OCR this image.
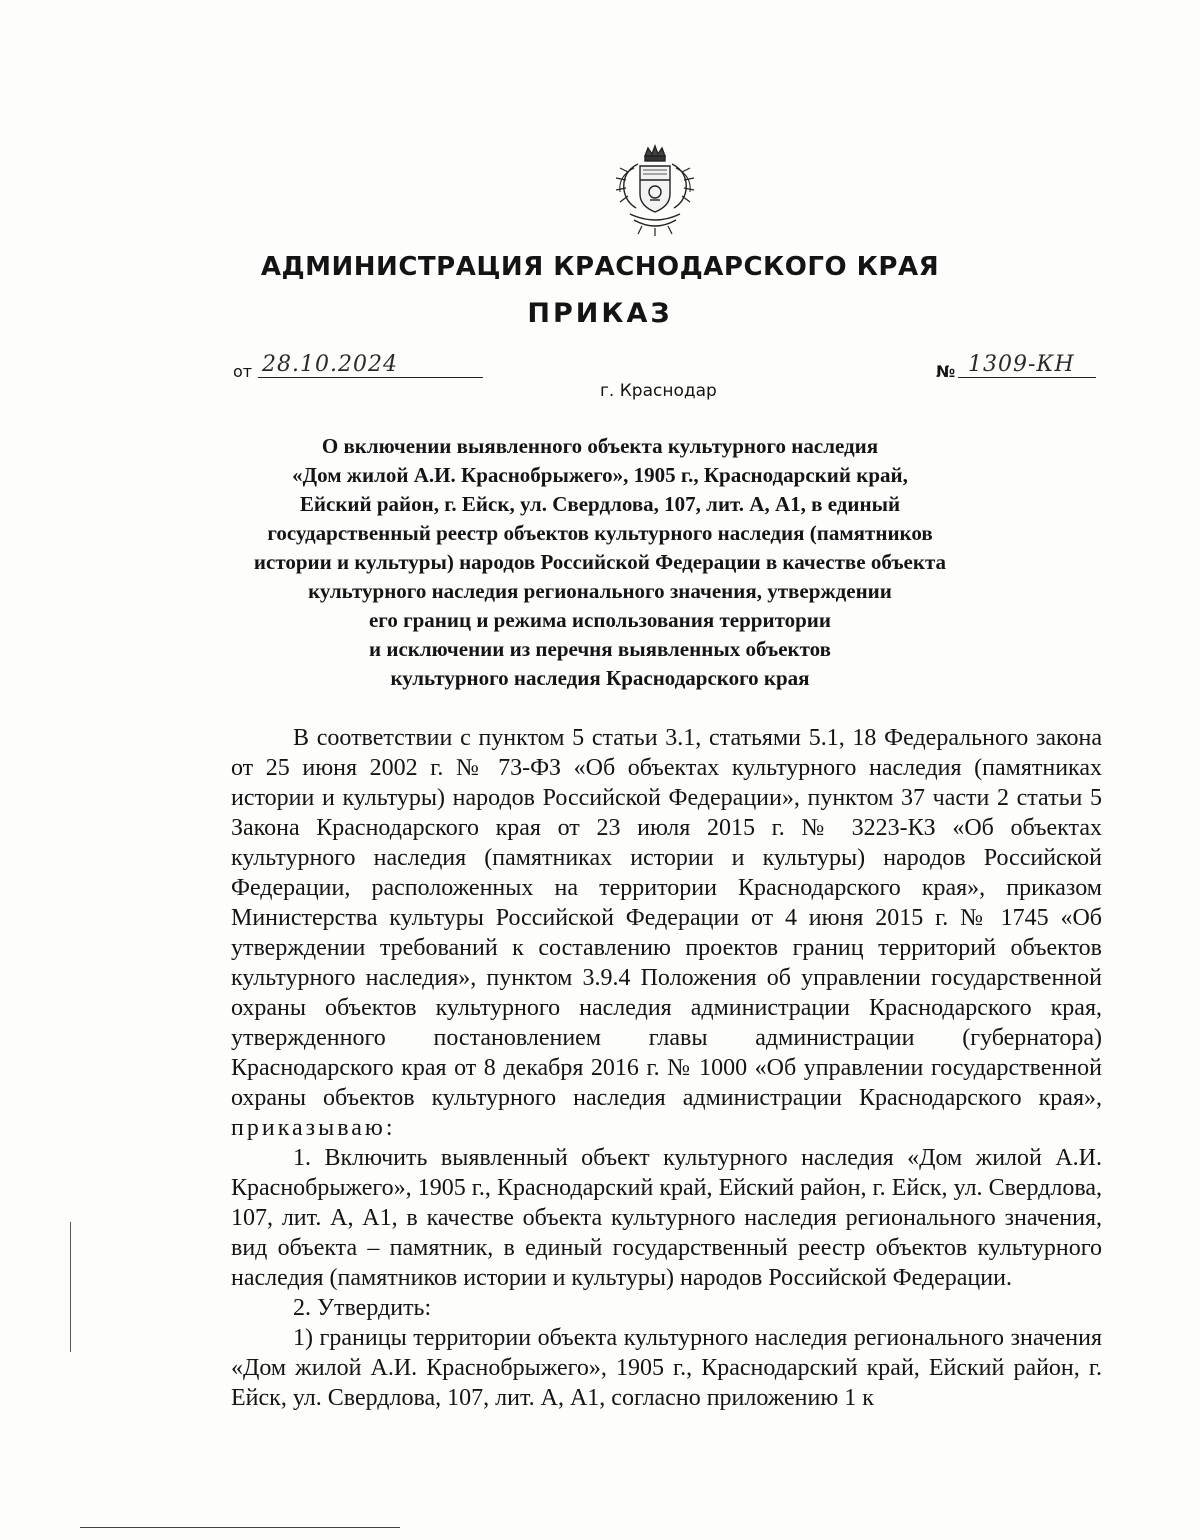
АДМИНИСТРАЦИЯ КРАСНОДАРСКОГО КРАЯ
ПРИКАЗ
от 28.10.2024	№ 1309-КН
г. Краснодар
О включении выявленного объекта культурного наследия
«Дом жилой А.И. Краснобрыжего», 1905 г., Краснодарский край,
Ейский район, г. Ейск, ул. Свердлова, 107, лит. А, А1, в единый
государственный реестр объектов культурного наследия (памятников
истории и культуры) народов Российской Федерации в качестве объекта
культурного наследия регионального значения, утверждении
его границ и режима использования территории
и исключении из перечня выявленных объектов
культурного наследия Краснодарского края

В соответствии с пунктом 5 статьи 3.1, статьями 5.1, 18 Федерального закона от 25 июня 2002 г. № 73-ФЗ «Об объектах культурного наследия (памятниках истории и культуры) народов Российской Федерации», пунктом 37 части 2 статьи 5 Закона Краснодарского края от 23 июля 2015 г. № 3223-КЗ «Об объектах культурного наследия (памятниках истории и культуры) народов Российской Федерации, расположенных на территории Краснодарского края», приказом Министерства культуры Российской Федерации от 4 июня 2015 г. № 1745 «Об утверждении требований к составлению проектов границ территорий объектов культурного наследия», пунктом 3.9.4 Положения об управлении государственной охраны объектов культурного наследия администрации Краснодарского края, утвержденного постановлением главы администрации (губернатора) Краснодарского края от 8 декабря 2016 г. № 1000 «Об управлении государственной охраны объектов культурного наследия администрации Краснодарского края», приказываю:

1. Включить выявленный объект культурного наследия «Дом жилой А.И. Краснобрыжего», 1905 г., Краснодарский край, Ейский район, г. Ейск, ул. Свердлова, 107, лит. А, А1, в качестве объекта культурного наследия регионального значения, вид объекта – памятник, в единый государственный реестр объектов культурного наследия (памятников истории и культуры) народов Российской Федерации.

2. Утвердить:

1) границы территории объекта культурного наследия регионального значения «Дом жилой А.И. Краснобрыжего», 1905 г., Краснодарский край, Ейский район, г. Ейск, ул. Свердлова, 107, лит. А, А1, согласно приложению 1 к
